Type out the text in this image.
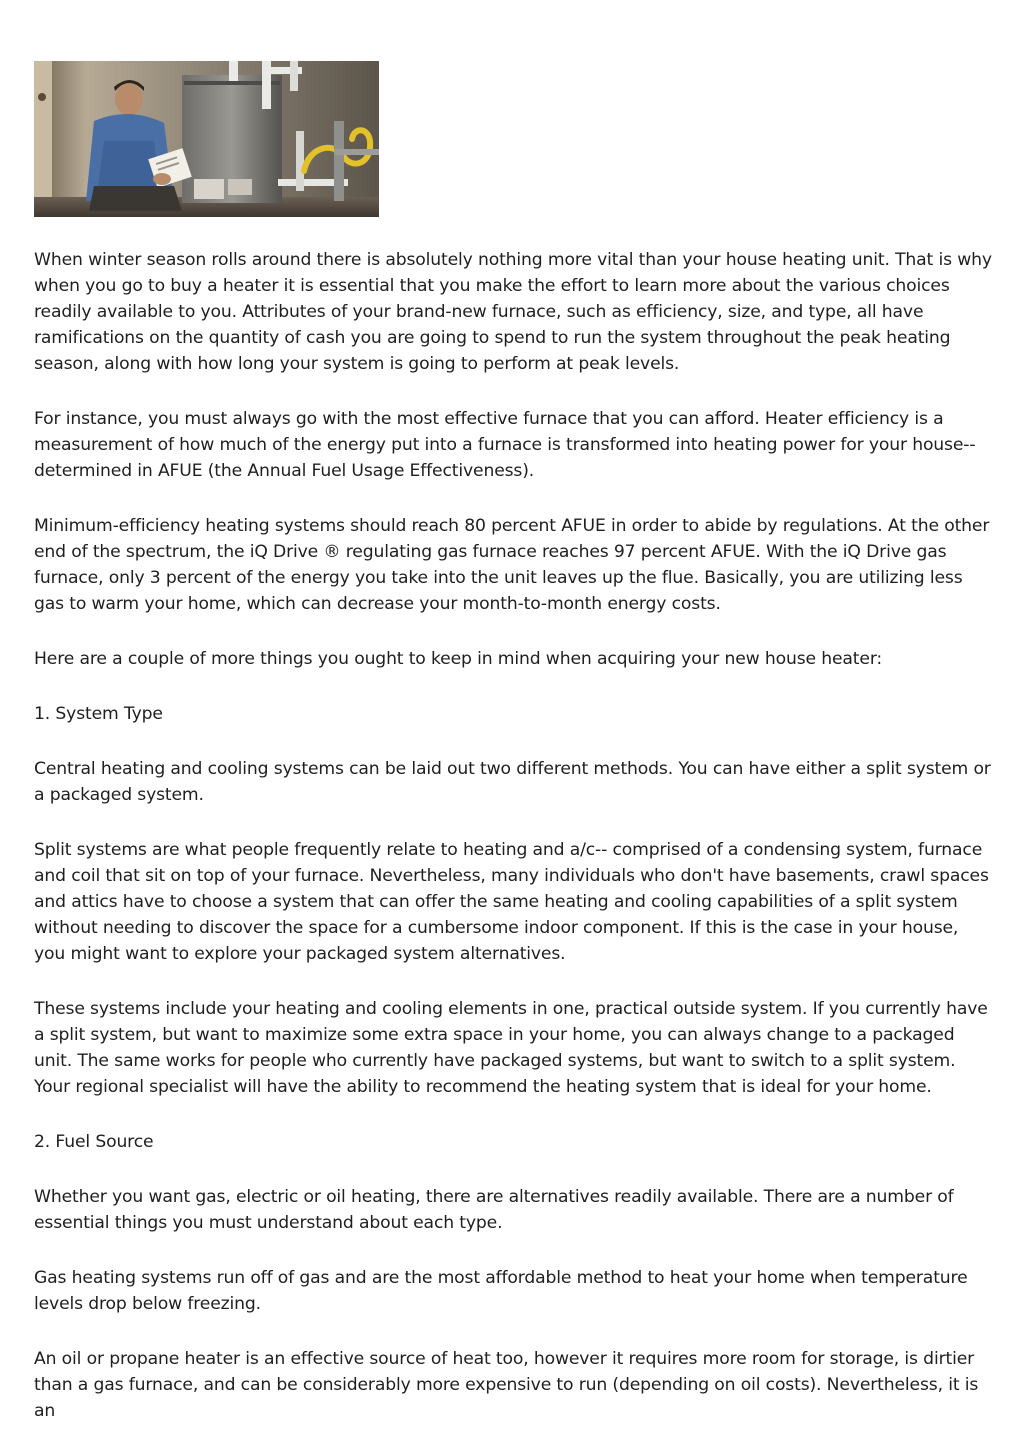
When winter season rolls around there is absolutely nothing more vital than your house heating unit. That is why when you go to buy a heater it is essential that you make the effort to learn more about the various choices readily available to you. Attributes of your brand-new furnace, such as efficiency, size, and type, all have ramifications on the quantity of cash you are going to spend to run the system throughout the peak heating season, along with how long your system is going to perform at peak levels.

For instance, you must always go with the most effective furnace that you can afford. Heater efficiency is a measurement of how much of the energy put into a furnace is transformed into heating power for your house-- determined in AFUE (the Annual Fuel Usage Effectiveness).

Minimum-efficiency heating systems should reach 80 percent AFUE in order to abide by regulations. At the other end of the spectrum, the iQ Drive ® regulating gas furnace reaches 97 percent AFUE. With the iQ Drive gas furnace, only 3 percent of the energy you take into the unit leaves up the flue. Basically, you are utilizing less gas to warm your home, which can decrease your month-to-month energy costs.

Here are a couple of more things you ought to keep in mind when acquiring your new house heater:

1. System Type

Central heating and cooling systems can be laid out two different methods. You can have either a split system or a packaged system.

Split systems are what people frequently relate to heating and a/c-- comprised of a condensing system, furnace and coil that sit on top of your furnace. Nevertheless, many individuals who don't have basements, crawl spaces and attics have to choose a system that can offer the same heating and cooling capabilities of a split system without needing to discover the space for a cumbersome indoor component. If this is the case in your house, you might want to explore your packaged system alternatives.

These systems include your heating and cooling elements in one, practical outside system. If you currently have a split system, but want to maximize some extra space in your home, you can always change to a packaged unit. The same works for people who currently have packaged systems, but want to switch to a split system. Your regional specialist will have the ability to recommend the heating system that is ideal for your home.

2. Fuel Source

Whether you want gas, electric or oil heating, there are alternatives readily available. There are a number of essential things you must understand about each type.

Gas heating systems run off of gas and are the most affordable method to heat your home when temperature levels drop below freezing.

An oil or propane heater is an effective source of heat too, however it requires more room for storage, is dirtier than a gas furnace, and can be considerably more expensive to run (depending on oil costs). Nevertheless, it is an
